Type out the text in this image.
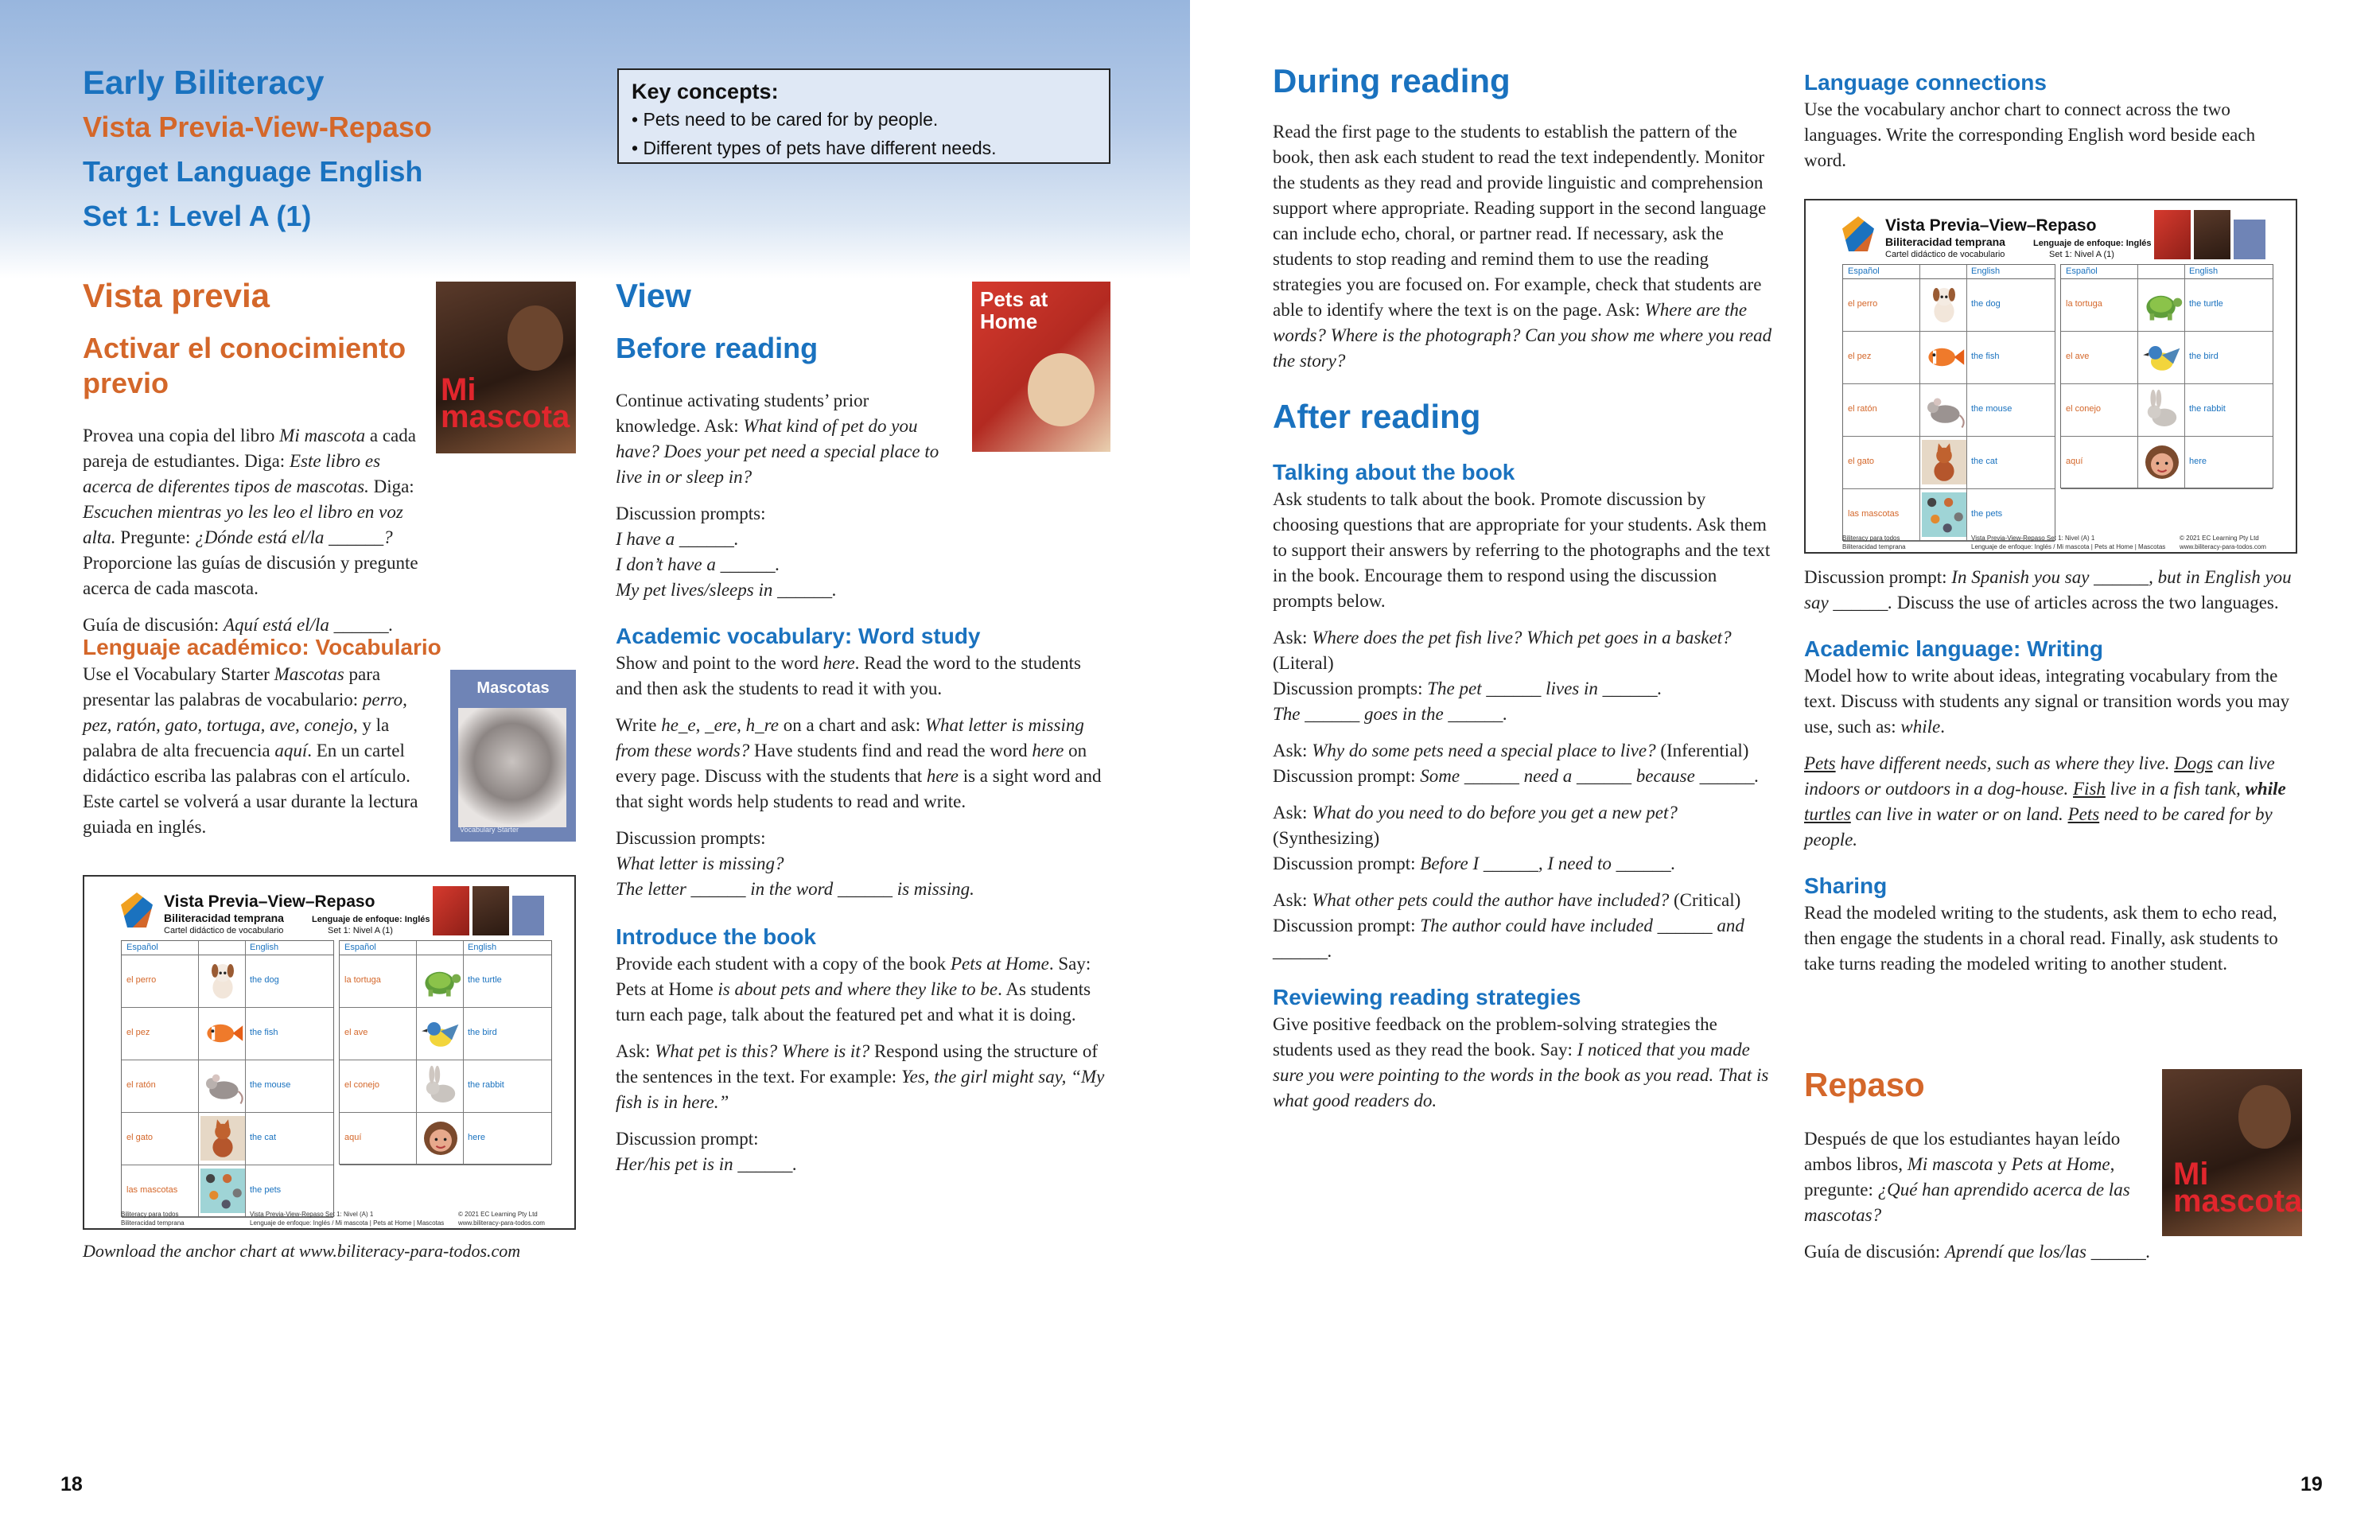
Early Biliteracy
Vista Previa-View-Repaso
Target Language English
Set 1: Level A (1)
Key concepts:
• Pets need to be cared for by people.
• Different types of pets have different needs.
Vista previa
Activar el conocimiento previo	Mi
mascota
Provea una copia del libro Mi mascota a cada pareja de estudiantes. Diga: Este libro es acerca de diferentes tipos de mascotas. Diga: Escuchen mientras yo les leo el libro en voz alta. Pregunte: ¿Dónde está el/la ______? Proporcione las guías de discusión y pregunte acerca de cada mascota.
Guía de discusión: Aquí está el/la ______.
Lenguaje académico: Vocabulario
Use el Vocabulary Starter Mascotas para presentar las palabras de vocabulario: perro, pez, ratón, gato, tortuga, ave, conejo, y la palabra de alta frecuencia aquí. En un cartel didáctico escriba las palabras con el artículo. Este cartel se volverá a usar durante la lectura guiada en inglés.
Mascotas
Vocabulary Starter
Vista Previa–View–Repaso
Biliteracidad temprana
Cartel didáctico de vocabulario
Lenguaje de enfoque: Inglés
Set 1: Nivel A (1)
Español	English
el perro	the dog
el pez	the fish
el ratón	the mouse
el gato	the cat
las mascotas	the pets
Español	English
la tortuga	the turtle
el ave	the bird
el conejo	the rabbit
aquí	here
Biliteracy para todos
Biliteracidad temprana
Vista Previa-View-Repaso Set 1: Nivel (A) 1
Lenguaje de enfoque: Inglés / Mi mascota | Pets at Home | Mascotas
© 2021 EC Learning Pty Ltd
www.biliteracy-para-todos.com
Download the anchor chart at www.biliteracy-para-todos.com
View
Before reading
Pets at
Home
Continue activating students’ prior knowledge. Ask: What kind of pet do you have? Does your pet need a special place to live in or sleep in?
Discussion prompts:
I have a ______.
I don’t have a ______.
My pet lives/sleeps in ______.
Academic vocabulary: Word study
Show and point to the word here. Read the word to the students and then ask the students to read it with you.
Write he_e, _ere, h_re on a chart and ask: What letter is missing from these words? Have students find and read the word here on every page. Discuss with the students that here is a sight word and that sight words help students to read and write.
Discussion prompts:
What letter is missing?
The letter ______ in the word ______ is missing.
Introduce the book
Provide each student with a copy of the book Pets at Home. Say: Pets at Home is about pets and where they like to be. As students turn each page, talk about the featured pet and what it is doing.
Ask: What pet is this? Where is it? Respond using the structure of the sentences in the text. For example: Yes, the girl might say, “My fish is in here.”
Discussion prompt:
Her/his pet is in ______.
18
During reading
Read the first page to the students to establish the pattern of the book, then ask each student to read the text independently. Monitor the students as they read and provide linguistic and comprehension support where appropriate. Reading support in the second language can include echo, choral, or partner read. If necessary, ask the students to stop reading and remind them to use the reading strategies you are focused on. For example, check that students are able to identify where the text is on the page. Ask: Where are the words? Where is the photograph? Can you show me where you read the story?
After reading
Talking about the book
Ask students to talk about the book. Promote discussion by choosing questions that are appropriate for your students. Ask them to support their answers by referring to the photographs and the text in the book. Encourage them to respond using the discussion prompts below.
Ask: Where does the pet fish live? Which pet goes in a basket? (Literal)
Discussion prompts: The pet ______ lives in ______.
The ______ goes in the ______.
Ask: Why do some pets need a special place to live? (Inferential)
Discussion prompt: Some ______ need a ______ because ______.
Ask: What do you need to do before you get a new pet? (Synthesizing)
Discussion prompt: Before I ______, I need to ______.
Ask: What other pets could the author have included? (Critical)
Discussion prompt: The author could have included ______ and ______.
Reviewing reading strategies
Give positive feedback on the problem-solving strategies the students used as they read the book. Say: I noticed that you made sure you were pointing to the words in the book as you read. That is what good readers do.
Language connections
Use the vocabulary anchor chart to connect across the two languages. Write the corresponding English word beside each word.
Vista Previa–View–Repaso
Biliteracidad temprana
Cartel didáctico de vocabulario
Lenguaje de enfoque: Inglés
Set 1: Nivel A (1)
Español	English
el perro	the dog
el pez	the fish
el ratón	the mouse
el gato	the cat
las mascotas	the pets
Español	English
la tortuga	the turtle
el ave	the bird
el conejo	the rabbit
aquí	here
Biliteracy para todos
Biliteracidad temprana
Vista Previa-View-Repaso Set 1: Nivel (A) 1
Lenguaje de enfoque: Inglés / Mi mascota | Pets at Home | Mascotas
© 2021 EC Learning Pty Ltd
www.biliteracy-para-todos.com
Discussion prompt: In Spanish you say ______, but in English you say ______. Discuss the use of articles across the two languages.
Academic language: Writing
Model how to write about ideas, integrating vocabulary from the text. Discuss with students any signal or transition words you may use, such as: while.
Pets have different needs, such as where they live. Dogs can live indoors or outdoors in a dog-house. Fish live in a fish tank, while turtles can live in water or on land. Pets need to be cared for by people.
Sharing
Read the modeled writing to the students, ask them to echo read, then engage the students in a choral read. Finally, ask students to take turns reading the modeled writing to another student.
Repaso
Después de que los estudiantes hayan leído ambos libros, Mi mascota y Pets at Home, pregunte: ¿Qué han aprendido acerca de las mascotas?
Guía de discusión: Aprendí que los/las ______.
Mi
mascota
19
